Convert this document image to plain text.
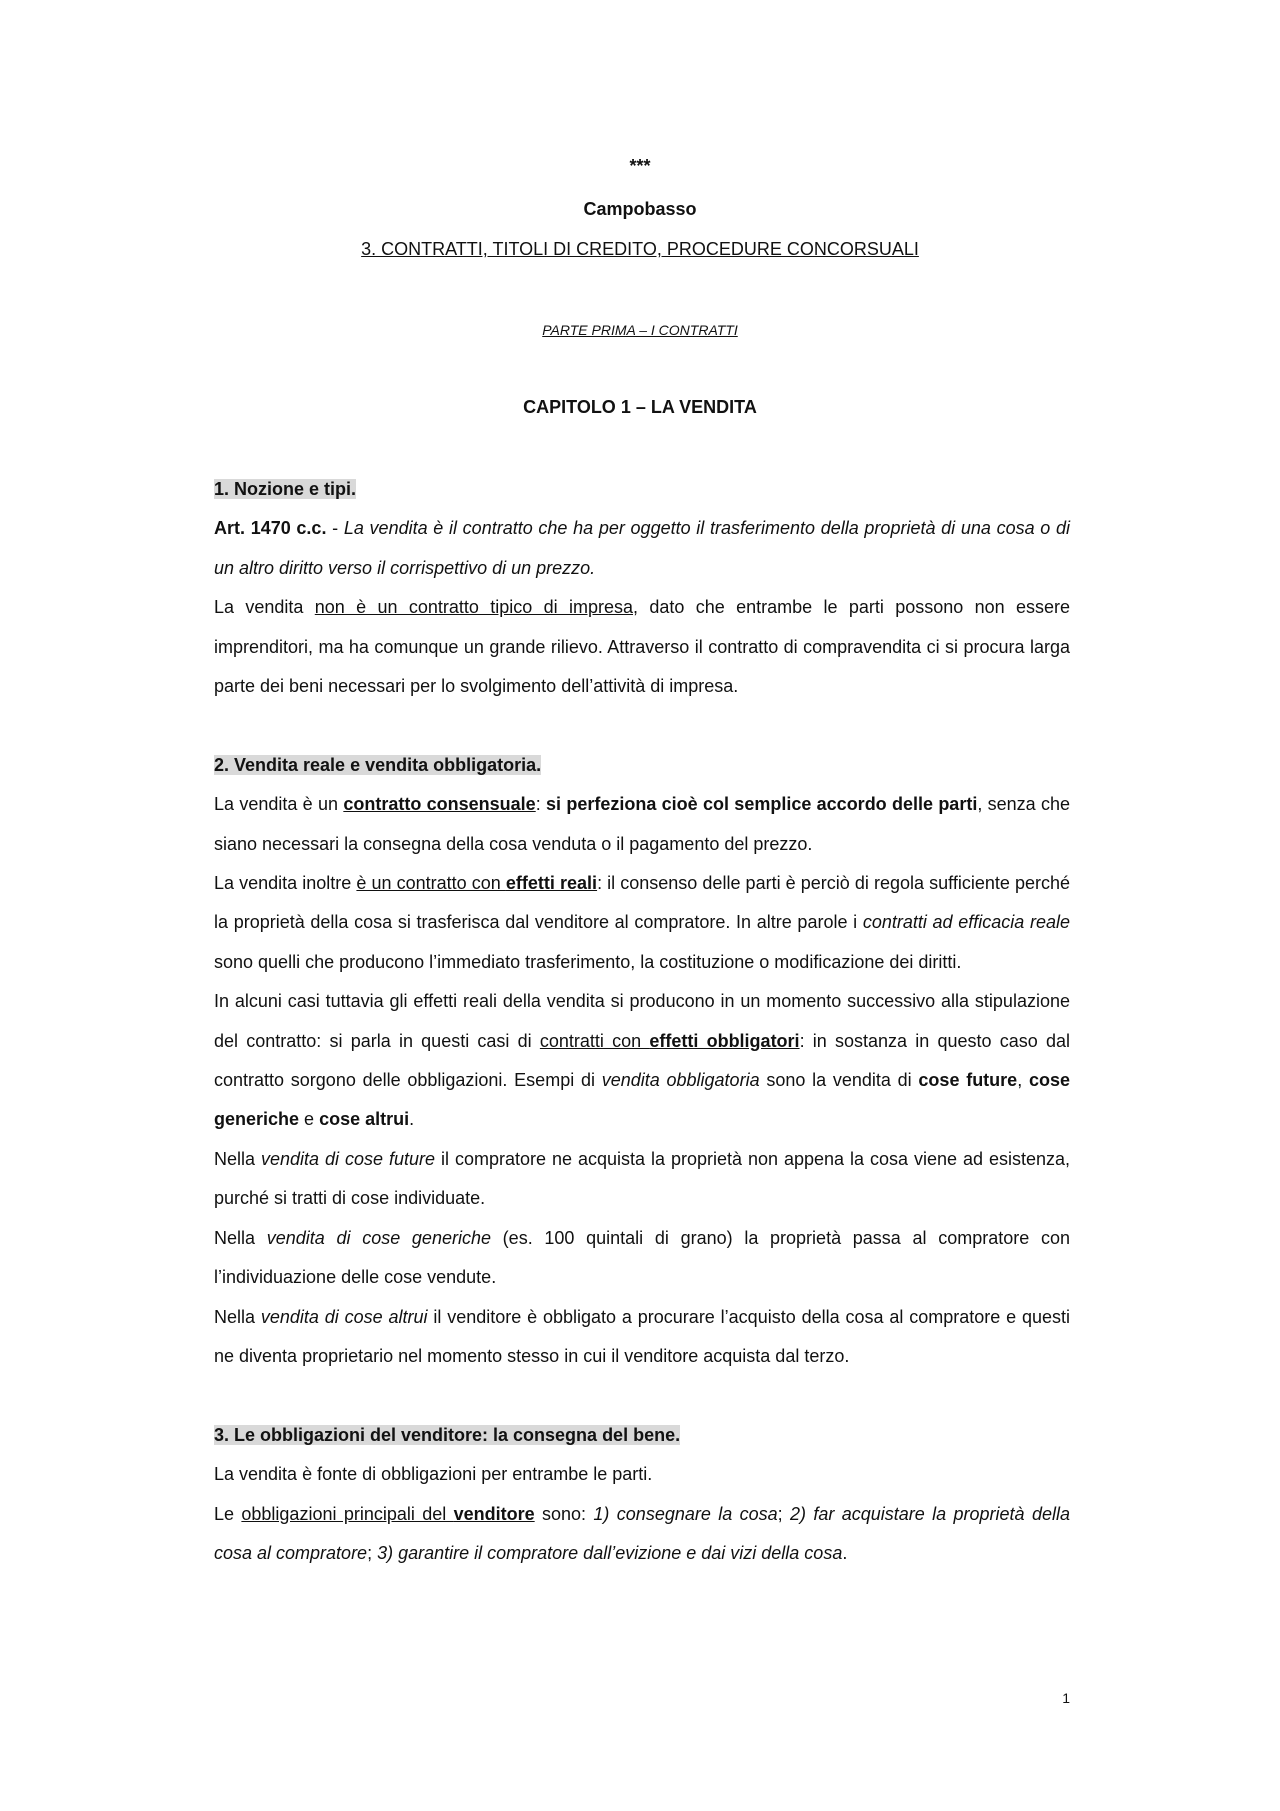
***
Campobasso
3. CONTRATTI, TITOLI DI CREDITO, PROCEDURE CONCORSUALI
PARTE PRIMA – I CONTRATTI
CAPITOLO 1 – LA VENDITA

1. Nozione e tipi.

Art. 1470 c.c. - La vendita è il contratto che ha per oggetto il trasferimento della proprietà di una cosa o di un altro diritto verso il corrispettivo di un prezzo.

La vendita non è un contratto tipico di impresa, dato che entrambe le parti possono non essere imprenditori, ma ha comunque un grande rilievo. Attraverso il contratto di compravendita ci si procura larga parte dei beni necessari per lo svolgimento dell’attività di impresa.

2. Vendita reale e vendita obbligatoria.

La vendita è un contratto consensuale: si perfeziona cioè col semplice accordo delle parti, senza che siano necessari la consegna della cosa venduta o il pagamento del prezzo.

La vendita inoltre è un contratto con effetti reali: il consenso delle parti è perciò di regola sufficiente perché la proprietà della cosa si trasferisca dal venditore al compratore. In altre parole i contratti ad efficacia reale sono quelli che producono l’immediato trasferimento, la costituzione o modificazione dei diritti.

In alcuni casi tuttavia gli effetti reali della vendita si producono in un momento successivo alla stipulazione del contratto: si parla in questi casi di contratti con effetti obbligatori: in sostanza in questo caso dal contratto sorgono delle obbligazioni. Esempi di vendita obbligatoria sono la vendita di cose future, cose generiche e cose altrui.

Nella vendita di cose future il compratore ne acquista la proprietà non appena la cosa viene ad esistenza, purché si tratti di cose individuate.

Nella vendita di cose generiche (es. 100 quintali di grano) la proprietà passa al compratore con l’individuazione delle cose vendute.

Nella vendita di cose altrui il venditore è obbligato a procurare l’acquisto della cosa al compratore e questi ne diventa proprietario nel momento stesso in cui il venditore acquista dal terzo.

3. Le obbligazioni del venditore: la consegna del bene.

La vendita è fonte di obbligazioni per entrambe le parti.

Le obbligazioni principali del venditore sono: 1) consegnare la cosa; 2) far acquistare la proprietà della cosa al compratore; 3) garantire il compratore dall’evizione e dai vizi della cosa.

1
